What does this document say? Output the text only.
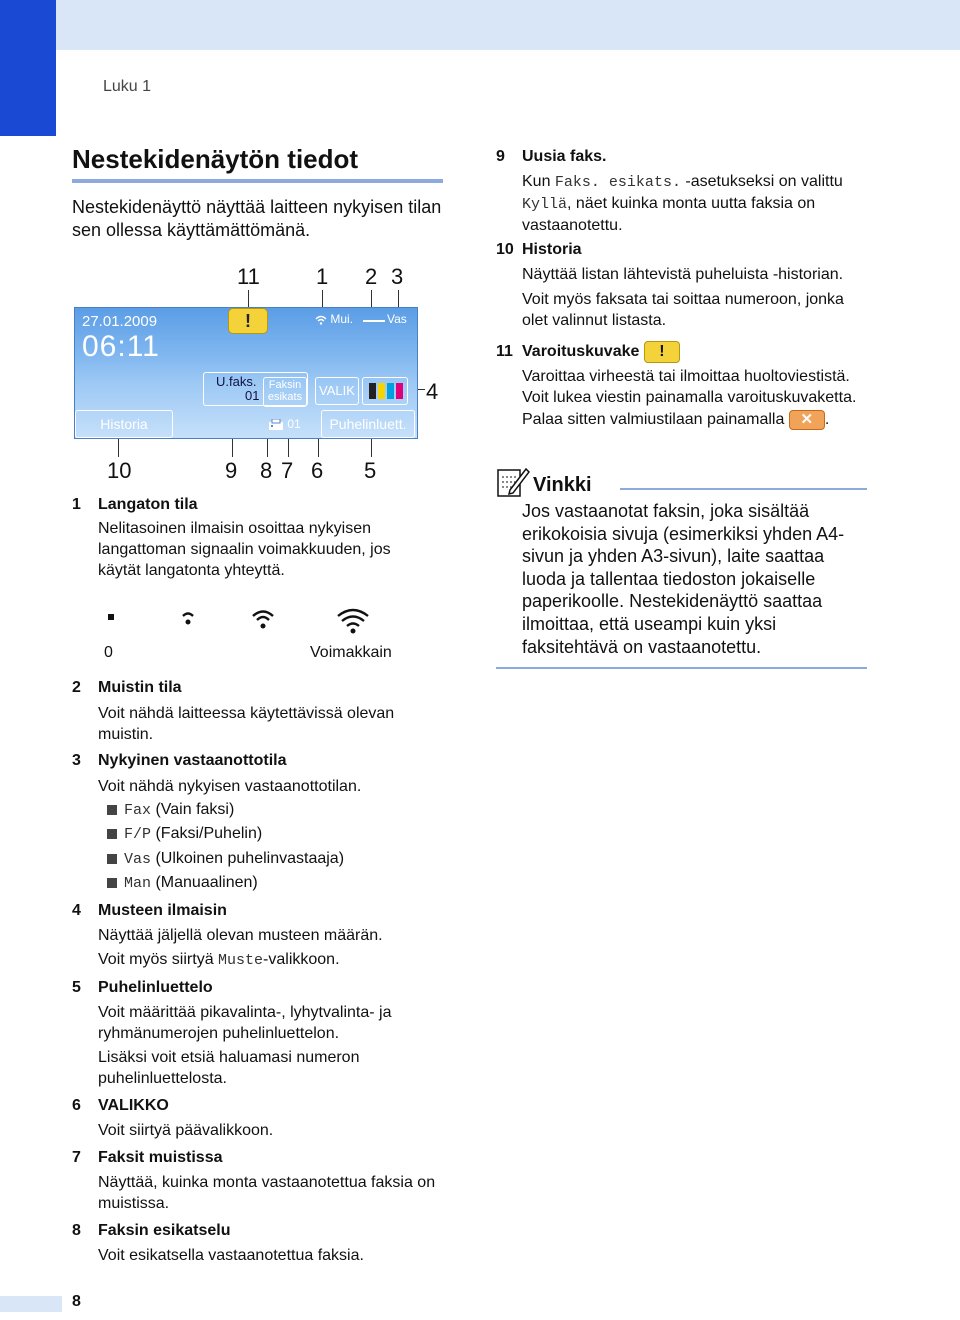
Luku 1
Nestekidenäytön tiedot
Nestekidenäyttö näyttää laitteen nykyisen tilan sen ollessa käyttämättömänä.
11	1 2 3
4
10	9 8 7 6 5
27.01.2009
06:11
!	Mui.	Vas
U.faks.
01
Faksin
esikats	VALIK
Historia	01	Puhelinluett.
1 Langaton tila
Nelitasoinen ilmaisin osoittaa nykyisen langattoman signaalin voimakkuuden, jos käytät langatonta yhteyttä.
0	Voimakkain
2 Muistin tila
Voit nähdä laitteessa käytettävissä olevan muistin.
3 Nykyinen vastaanottotila
Voit nähdä nykyisen vastaanottotilan.
Fax (Vain faksi)
F/P (Faksi/Puhelin)
Vas (Ulkoinen puhelinvastaaja)
Man (Manuaalinen)
4 Musteen ilmaisin
Näyttää jäljellä olevan musteen määrän.
Voit myös siirtyä Muste-valikkoon.
5 Puhelinluettelo
Voit määrittää pikavalinta-, lyhytvalinta- ja ryhmänumerojen puhelinluettelon.
Lisäksi voit etsiä haluamasi numeron puhelinluettelosta.
6 VALIKKO
Voit siirtyä päävalikkoon.
7 Faksit muistissa
Näyttää, kuinka monta vastaanotettua faksia on muistissa.
8 Faksin esikatselu
Voit esikatsella vastaanotettua faksia.
9 Uusia faks.
Kun Faks. esikats. -asetukseksi on valittu Kyllä, näet kuinka monta uutta faksia on vastaanotettu.
10 Historia
Näyttää listan lähtevistä puheluista -historian.
Voit myös faksata tai soittaa numeroon, jonka olet valinnut listasta.
11 Varoituskuvake !
Varoittaa virheestä tai ilmoittaa huoltoviestistä.
Voit lukea viestin painamalla varoituskuvaketta. Palaa sitten valmiustilaan painamalla ✕ .
Vinkki
Jos vastaanotat faksin, joka sisältää erikokoisia sivuja (esimerkiksi yhden A4-sivun ja yhden A3-sivun), laite saattaa luoda ja tallentaa tiedoston jokaiselle paperikoolle. Nestekidenäyttö saattaa ilmoittaa, että useampi kuin yksi faksitehtävä on vastaanotettu.
8
